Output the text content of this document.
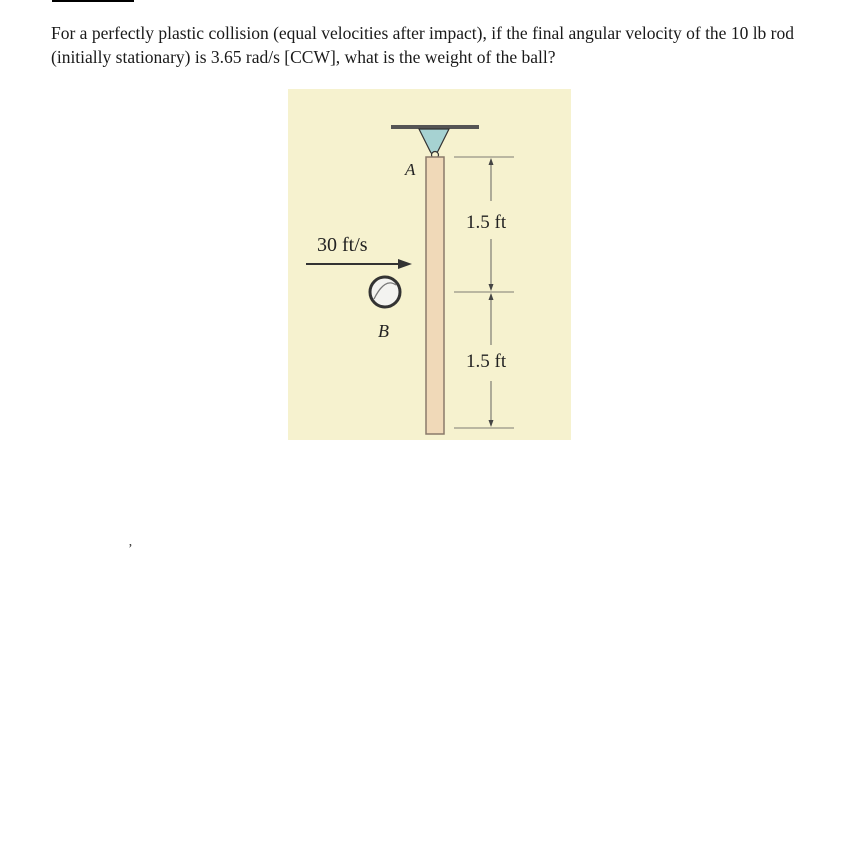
For a perfectly plastic collision (equal velocities after impact), if the final angular velocity of the 10 lb rod (initially stationary) is 3.65 rad/s [CCW], what is the weight of the ball?

A
1.5 ft
1.5 ft
30 ft/s
B
’
